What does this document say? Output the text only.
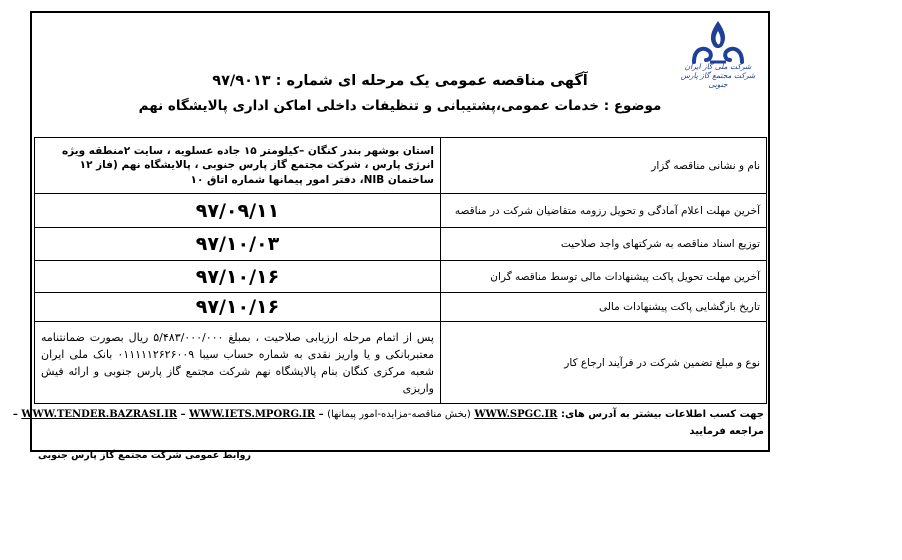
شرکت ملی گاز ایران
شرکت مجتمع گاز پارس جنوبی
آگهی مناقصه عمومی یک مرحله ای شماره : ۹۷/۹۰۱۳
موضوع : خدمات عمومی،پشتیبانی و تنظیفات داخلی اماکن اداری پالایشگاه نهم
نام و نشانی مناقصه گزار	استان بوشهر بندر کنگان –کیلومتر ۱۵ جاده عسلویه ، سایت ۲منطقه ویژه انرژی پارس ، شرکت مجتمع گاز پارس جنوبی ، پالایشگاه نهم (فاز ۱۲ ساختمان NIB، دفتر امور پیمانها شماره اتاق ۱۰
آخرین مهلت اعلام آمادگی و تحویل رزومه متقاضیان شرکت در مناقصه	۹۷/۰۹/۱۱
توزیع اسناد مناقصه به شرکتهای واجد صلاحیت	۹۷/۱۰/۰۳
آخرین مهلت تحویل پاکت پیشنهادات مالی توسط مناقصه گران	۹۷/۱۰/۱۶
تاریخ بازگشایی پاکت پیشنهادات مالی	۹۷/۱۰/۱۶
نوع و مبلغ تضمین شرکت در فرآیند ارجاع کار	پس از اتمام مرحله ارزیابی صلاحیت ، بمبلغ ۵/۴۸۳/۰۰۰/۰۰۰ ریال بصورت ضمانتنامه معتبربانکی و یا واریز نقدی به شماره حساب سیبا ۰۱۱۱۱۱۲۶۲۶۰۰۹ بانک ملی ایران شعبه مرکزی کنگان بنام پالایشگاه نهم شرکت مجتمع گاز پارس جنوبی و ارائه فیش واریزی
جهت کسب اطلاعات بیشتر به آدرس های: WWW.SPGC.IR (بخش مناقصه-مزایده-امور پیمانها) – WWW.TENDER.BAZRASI.IR – WWW.IETS.MPORG.IR –
مراجعه فرمایید
روابط عمومی شرکت مجتمع گاز پارس جنوبی
